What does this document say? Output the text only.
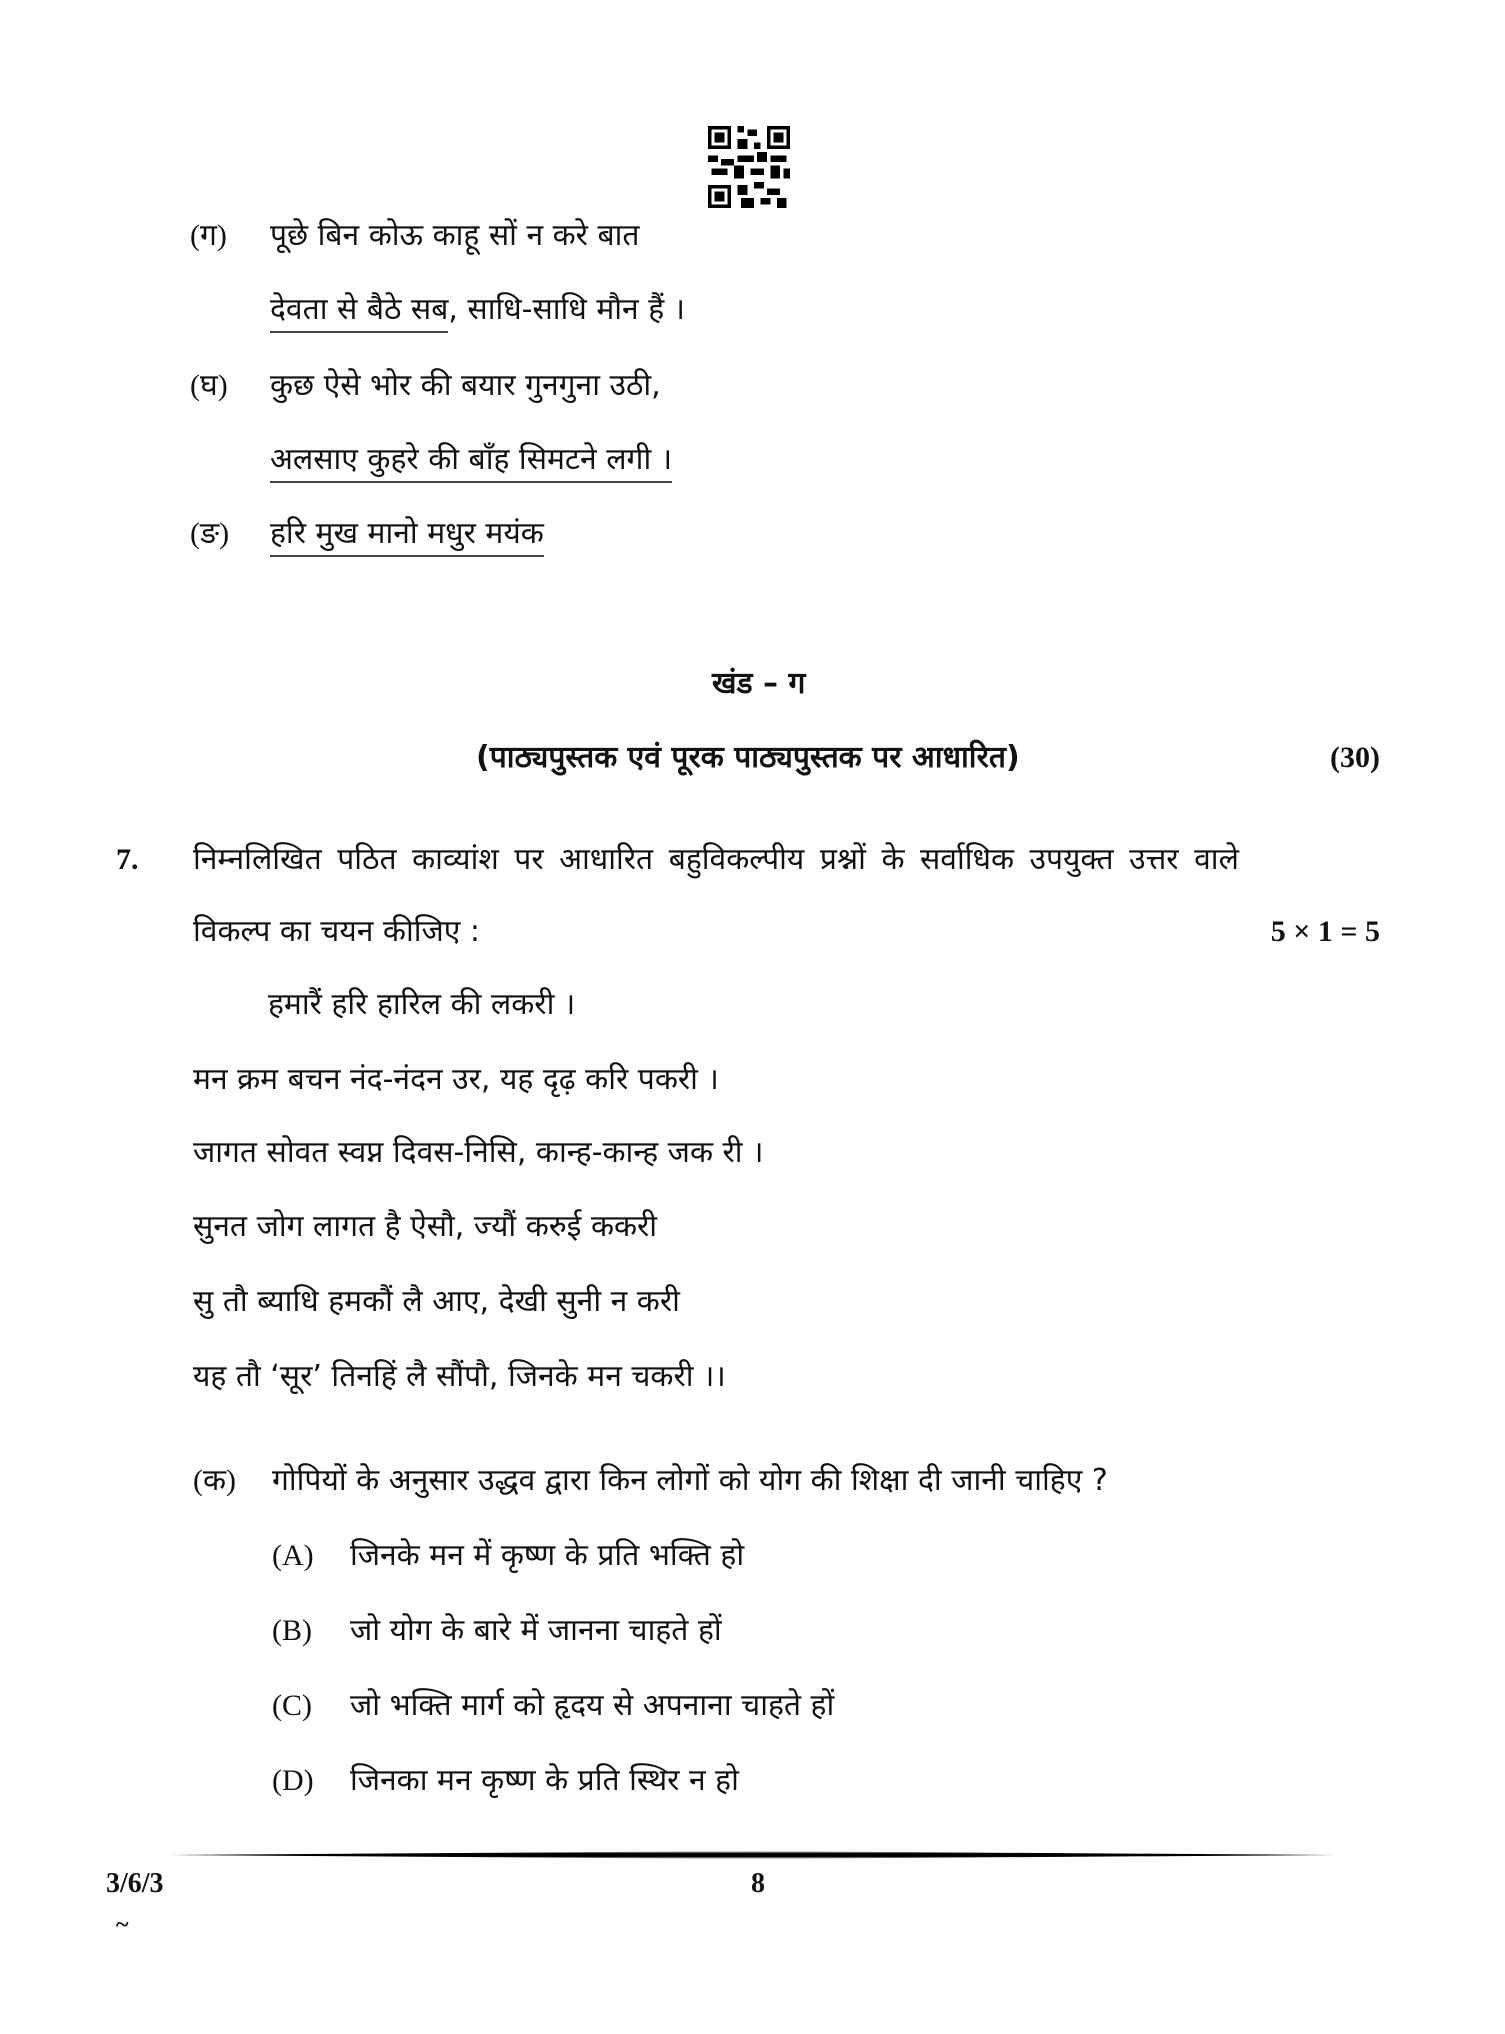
(ग) पूछे बिन कोऊ काहू सों न करे बात
देवता से बैठे सब, साधि-साधि मौन हैं ।
(घ) कुछ ऐसे भोर की बयार गुनगुना उठी,
अलसाए कुहरे की बाँह सिमटने लगी ।
(ङ) हरि मुख मानो मधुर मयंक
खंड – ग
(पाठ्यपुस्तक एवं पूरक पाठ्यपुस्तक पर आधारित)	(30)
7. निम्नलिखित पठित काव्यांश पर आधारित बहुविकल्पीय प्रश्नों के सर्वाधिक उपयुक्त उत्तर वाले
विकल्प का चयन कीजिए :	5 × 1 = 5
हमारैं हरि हारिल की लकरी ।
मन क्रम बचन नंद-नंदन उर, यह दृढ़ करि पकरी ।
जागत सोवत स्वप्न दिवस-निसि, कान्ह-कान्ह जक री ।
सुनत जोग लागत है ऐसौ, ज्यौं करुई ककरी
सु तौ ब्याधि हमकौं लै आए, देखी सुनी न करी
यह तौ ‘सूर’ तिनहिं लै सौंपौ, जिनके मन चकरी ।।
(क) गोपियों के अनुसार उद्धव द्वारा किन लोगों को योग की शिक्षा दी जानी चाहिए ?
(A) जिनके मन में कृष्ण के प्रति भक्ति हो
(B) जो योग के बारे में जानना चाहते हों
(C) जो भक्ति मार्ग को हृदय से अपनाना चाहते हों
(D) जिनका मन कृष्ण के प्रति स्थिर न हो
3/6/3	8
~
